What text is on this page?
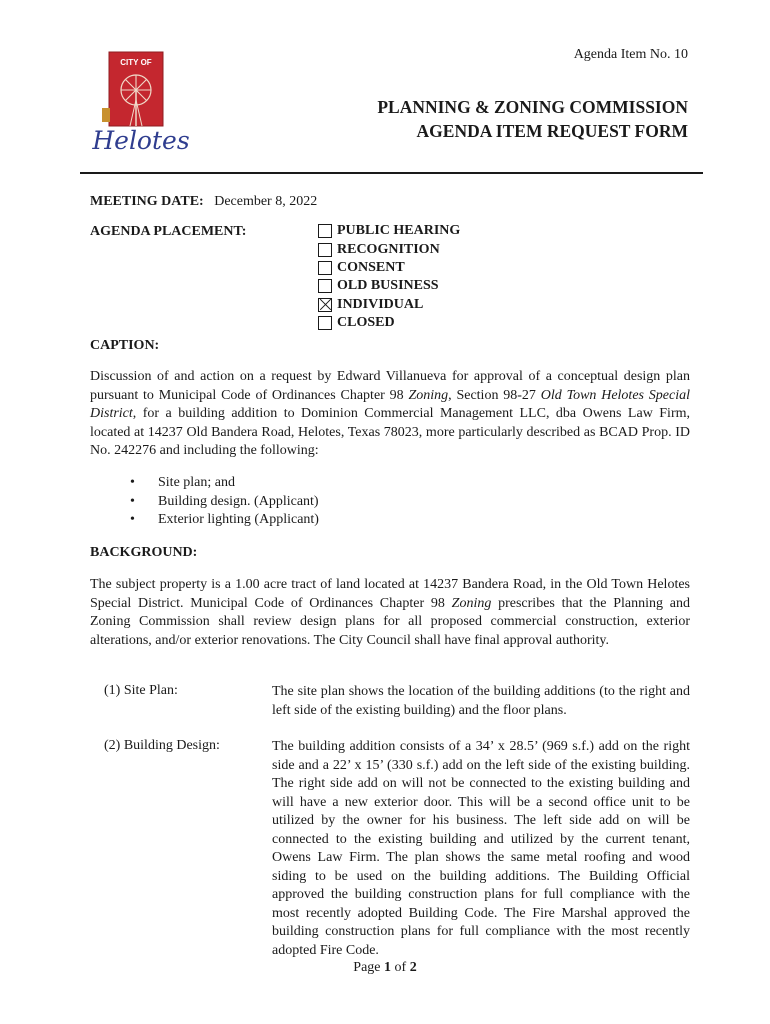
CITY OF
Helotes
Agenda Item No. 10
PLANNING & ZONING COMMISSION
AGENDA ITEM REQUEST FORM
MEETING DATE: December 8, 2022
AGENDA PLACEMENT:	PUBLIC HEARING
RECOGNITION
CONSENT
OLD BUSINESS
INDIVIDUAL
CLOSED
CAPTION:
Discussion of and action on a request by Edward Villanueva for approval of a conceptual design plan pursuant to Municipal Code of Ordinances Chapter 98 Zoning, Section 98-27 Old Town Helotes Special District, for a building addition to Dominion Commercial Management LLC, dba Owens Law Firm, located at 14237 Old Bandera Road, Helotes, Texas 78023, more particularly described as BCAD Prop. ID No. 242276 and including the following:
• Site plan; and
• Building design. (Applicant)
• Exterior lighting (Applicant)
BACKGROUND:
The subject property is a 1.00 acre tract of land located at 14237 Bandera Road, in the Old Town Helotes Special District. Municipal Code of Ordinances Chapter 98 Zoning prescribes that the Planning and Zoning Commission shall review design plans for all proposed commercial construction, exterior alterations, and/or exterior renovations. The City Council shall have final approval authority.
(1) Site Plan:	The site plan shows the location of the building additions (to the right and left side of the existing building) and the floor plans.
(2) Building Design:	The building addition consists of a 34’ x 28.5’ (969 s.f.) add on the right side and a 22’ x 15’ (330 s.f.) add on the left side of the existing building. The right side add on will not be connected to the existing building and will have a new exterior door. This will be a second office unit to be utilized by the owner for his business. The left side add on will be connected to the existing building and utilized by the current tenant, Owens Law Firm. The plan shows the same metal roofing and wood siding to be used on the building additions. The Building Official approved the building construction plans for full compliance with the most recently adopted Building Code. The Fire Marshal approved the building construction plans for full compliance with the most recently adopted Fire Code.
Page 1 of 2
